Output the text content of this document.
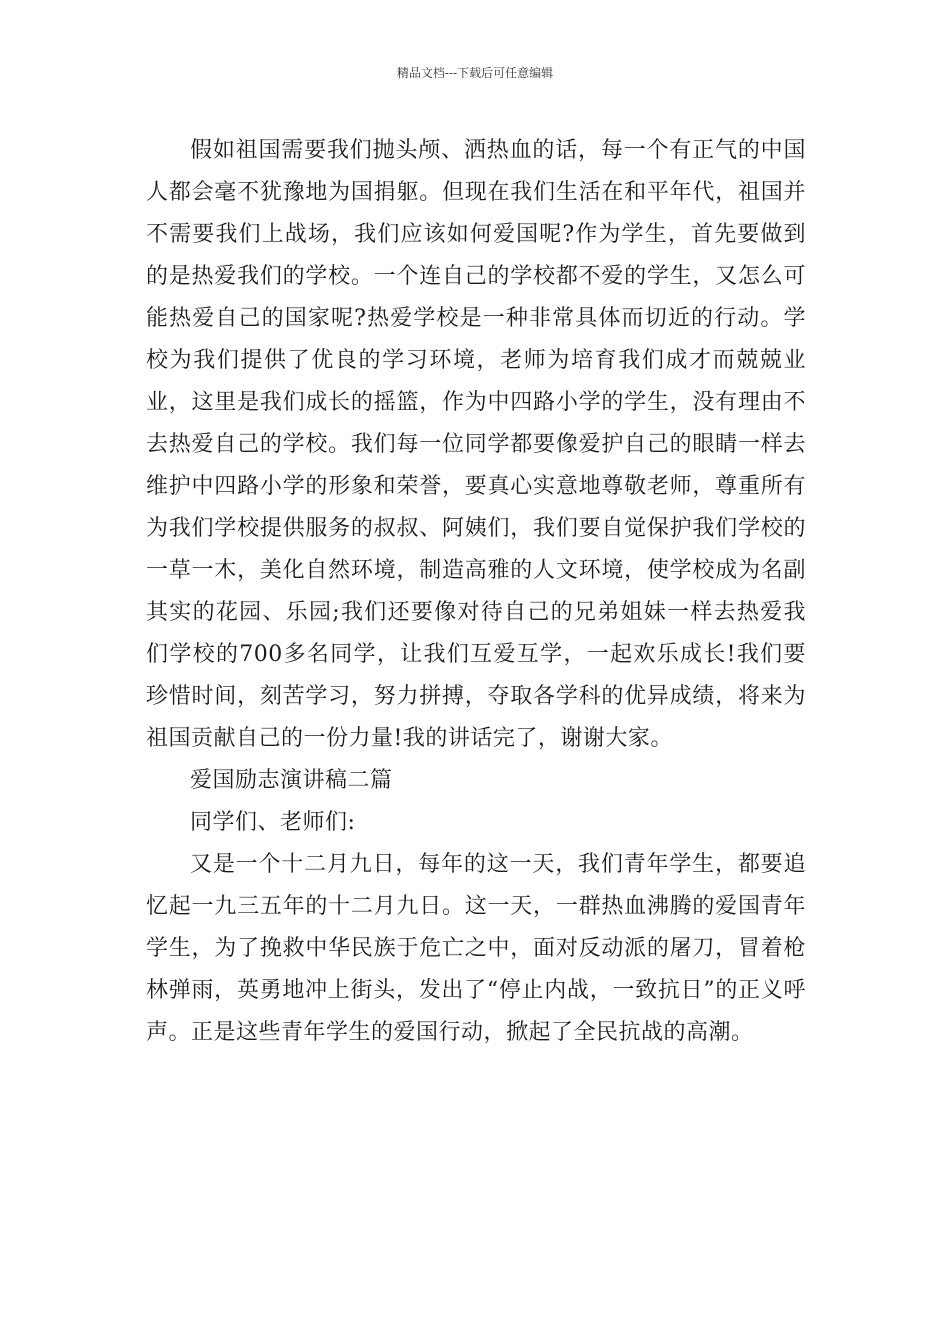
精品文档---下载后可任意编辑

假如祖国需要我们抛头颅、洒热血的话，每一个有正气的中国人都会毫不犹豫地为国捐躯。但现在我们生活在和平年代，祖国并不需要我们上战场，我们应该如何爱国呢?作为学生，首先要做到的是热爱我们的学校。一个连自己的学校都不爱的学生，又怎么可能热爱自己的国家呢?热爱学校是一种非常具体而切近的行动。学校为我们提供了优良的学习环境，老师为培育我们成才而兢兢业业，这里是我们成长的摇篮，作为中四路小学的学生，没有理由不去热爱自己的学校。我们每一位同学都要像爱护自己的眼睛一样去维护中四路小学的形象和荣誉，要真心实意地尊敬老师，尊重所有为我们学校提供服务的叔叔、阿姨们，我们要自觉保护我们学校的一草一木，美化自然环境，制造高雅的人文环境，使学校成为名副其实的花园、乐园;我们还要像对待自己的兄弟姐妹一样去热爱我们学校的700多名同学，让我们互爱互学，一起欢乐成长!我们要珍惜时间，刻苦学习，努力拼搏，夺取各学科的优异成绩，将来为祖国贡献自己的一份力量!我的讲话完了，谢谢大家。

爱国励志演讲稿二篇

同学们、老师们:

又是一个十二月九日，每年的这一天，我们青年学生，都要追忆起一九三五年的十二月九日。这一天，一群热血沸腾的爱国青年学生，为了挽救中华民族于危亡之中，面对反动派的屠刀，冒着枪林弹雨，英勇地冲上街头，发出了“停止内战，一致抗日”的正义呼声。正是这些青年学生的爱国行动，掀起了全民抗战的高潮。
